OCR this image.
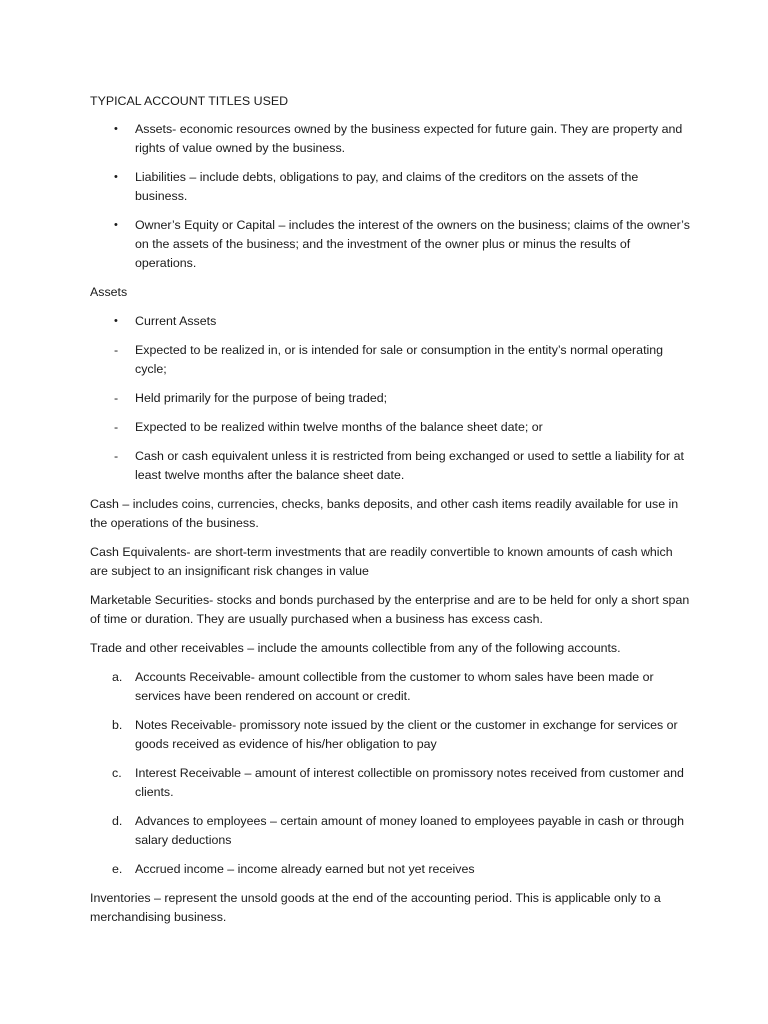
TYPICAL ACCOUNT TITLES USED

•	Assets- economic resources owned by the business expected for future gain. They are property and rights of value owned by the business.
•	Liabilities – include debts, obligations to pay, and claims of the creditors on the assets of the business.
•	Owner’s Equity or Capital – includes the interest of the owners on the business; claims of the owner’s on the assets of the business; and the investment of the owner plus or minus the results of operations.

Assets

•	Current Assets
-	Expected to be realized in, or is intended for sale or consumption in the entity’s normal operating cycle;
-	Held primarily for the purpose of being traded;
-	Expected to be realized within twelve months of the balance sheet date; or
-	Cash or cash equivalent unless it is restricted from being exchanged or used to settle a liability for at least twelve months after the balance sheet date.

Cash – includes coins, currencies, checks, banks deposits, and other cash items readily available for use in the operations of the business.

Cash Equivalents- are short-term investments that are readily convertible to known amounts of cash which are subject to an insignificant risk changes in value

Marketable Securities- stocks and bonds purchased by the enterprise and are to be held for only a short span of time or duration. They are usually purchased when a business has excess cash.

Trade and other receivables – include the amounts collectible from any of the following accounts.

a.	Accounts Receivable- amount collectible from the customer to whom sales have been made or services have been rendered on account or credit.
b.	Notes Receivable- promissory note issued by the client or the customer in exchange for services or goods received as evidence of his/her obligation to pay
c.	Interest Receivable – amount of interest collectible on promissory notes received from customer and clients.
d.	Advances to employees – certain amount of money loaned to employees payable in cash or through salary deductions
e.	Accrued income – income already earned but not yet receives

Inventories – represent the unsold goods at the end of the accounting period. This is applicable only to a merchandising business.
